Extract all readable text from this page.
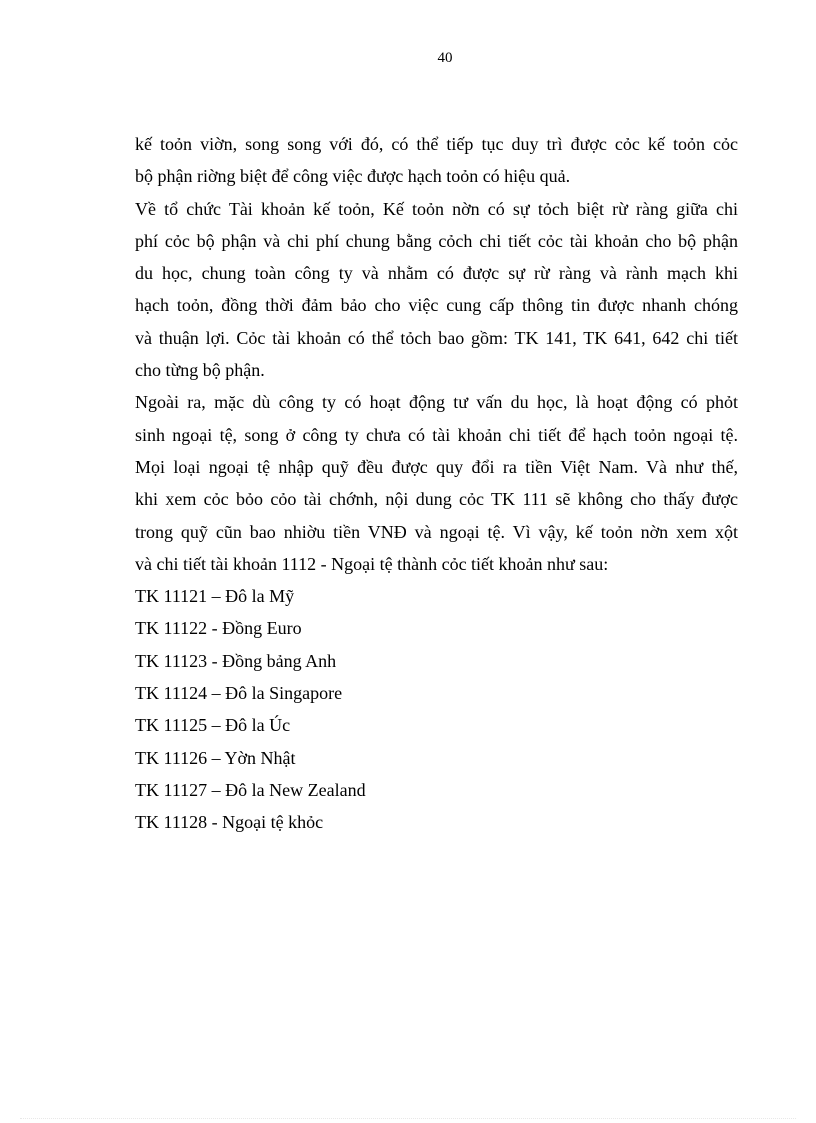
40
kế toỏn viờn, song song với đó, có thể tiếp tục duy trì được cỏc kế toỏn cỏc
bộ phận riờng biệt để công việc được hạch toỏn có hiệu quả.
Về tổ chức Tài khoản kế toỏn, Kế toỏn nờn có sự tỏch biệt rừ ràng giữa chi
phí cỏc bộ phận và chi phí chung bằng cỏch chi tiết cỏc tài khoản cho bộ phận
du học, chung toàn công ty và nhằm có được sự rừ ràng và rành mạch khi
hạch toỏn, đồng thời đảm bảo cho việc cung cấp thông tin được nhanh chóng
và thuận lợi. Cỏc tài khoản có thể tỏch bao gồm: TK 141, TK 641, 642 chi tiết
cho từng bộ phận.
Ngoài ra, mặc dù công ty có hoạt động tư vấn du học, là hoạt động có phỏt
sinh ngoại tệ, song ở công ty chưa có tài khoản chi tiết để hạch toỏn ngoại tệ.
Mọi loại ngoại tệ nhập quỹ đều được quy đổi ra tiền Việt Nam. Và như thế,
khi xem cỏc bỏo cỏo tài chớnh, nội dung cỏc TK 111 sẽ không cho thấy được
trong quỹ cũn bao nhiờu tiền VNĐ và ngoại tệ. Vì vậy, kế toỏn nờn xem xột
và chi tiết tài khoản 1112 - Ngoại tệ thành cỏc tiết khoản như sau:
TK 11121 – Đô la Mỹ
TK 11122 - Đồng Euro
TK 11123 - Đồng bảng Anh
TK 11124 – Đô la Singapore
TK 11125 – Đô la Úc
TK 11126 – Yờn Nhật
TK 11127 – Đô la New Zealand
TK 11128 - Ngoại tệ khỏc
